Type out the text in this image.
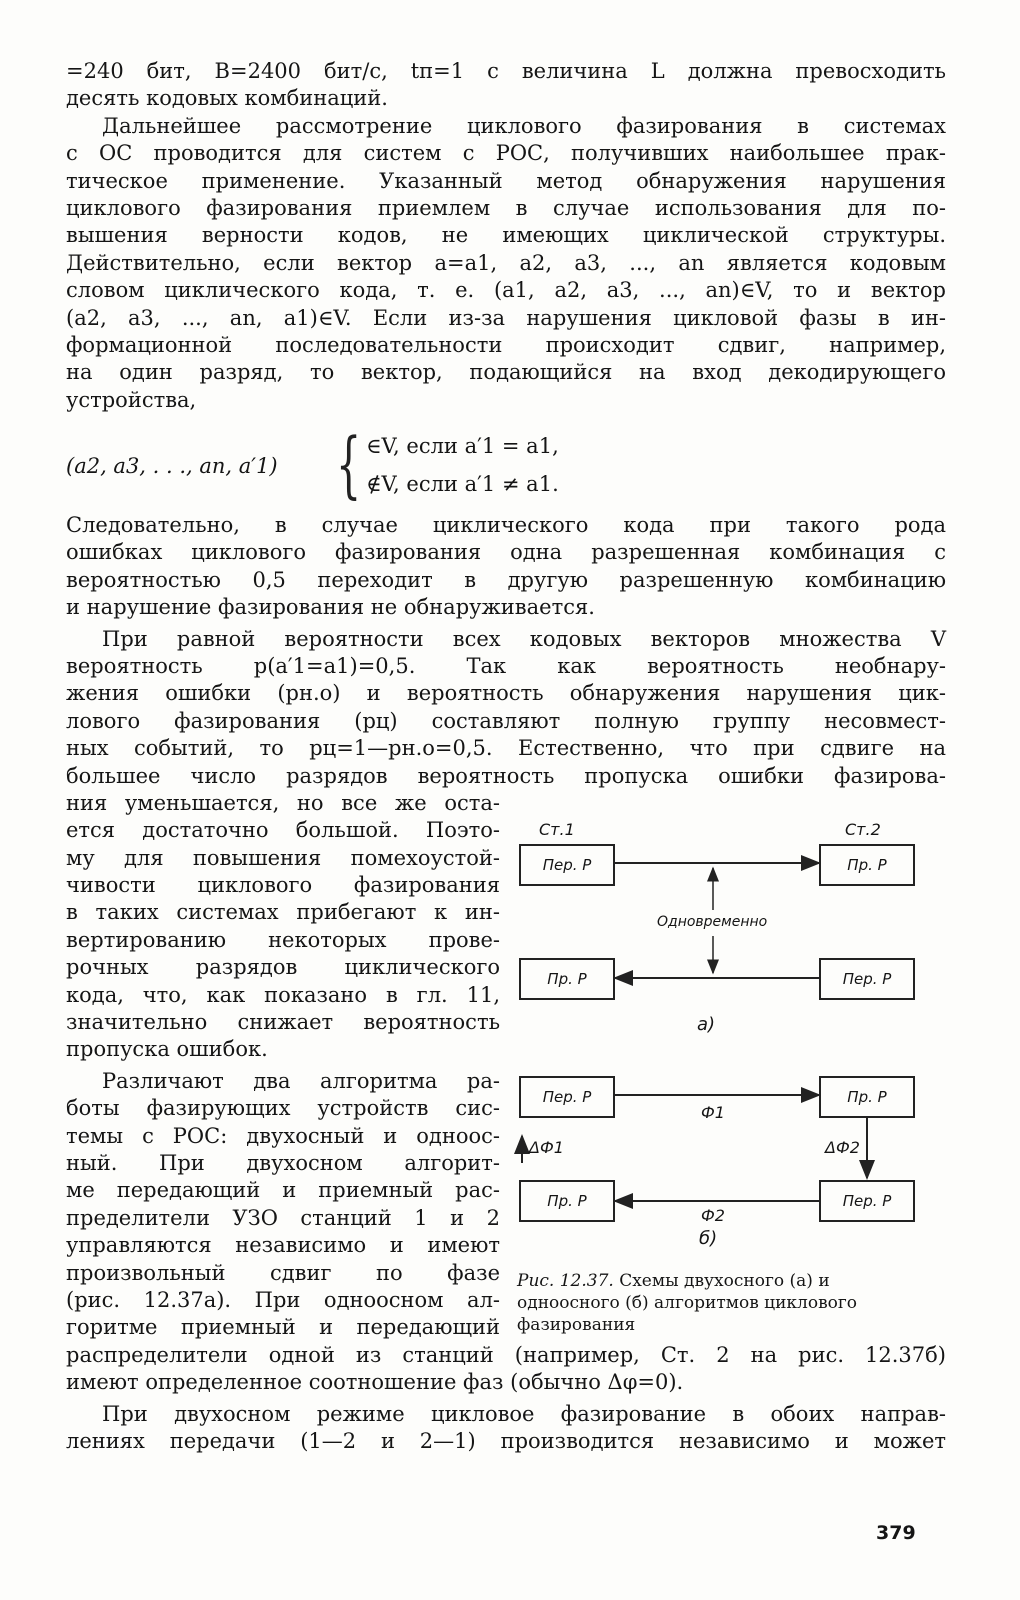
=240 бит, B=2400 бит/с, tп=1 с величина L должна превосходить
десять кодовых комбинаций.
Дальнейшее рассмотрение циклового фазирования в системах
с ОС проводится для систем с РОС, получивших наибольшее прак-
тическое применение. Указанный метод обнаружения нарушения
циклового фазирования приемлем в случае использования для по-
вышения верности кодов, не имеющих циклической структуры.
Действительно, если вектор a=a1, a2, a3, ..., an является кодовым
словом циклического кода, т. е. (a1, a2, a3, ..., an)∈V, то и вектор
(a2, a3, ..., an, a1)∈V. Если из-за нарушения цикловой фазы в ин-
формационной последовательности происходит сдвиг, например,
на один разряд, то вектор, подающийся на вход декодирующего
устройства,
(a2, a3, . . ., an, a′1) { ∈V, если a′1 = a1,
∉V, если a′1 ≠ a1.
Следовательно, в случае циклического кода при такого рода
ошибках циклового фазирования одна разрешенная комбинация с
вероятностью 0,5 переходит в другую разрешенную комбинацию
и нарушение фазирования не обнаруживается.
При равной вероятности всех кодовых векторов множества V
вероятность p(a′1=a1)=0,5. Так как вероятность необнару-
жения ошибки (pн.о) и вероятность обнаружения нарушения цик-
лового фазирования (pц) составляют полную группу несовмест-
ных событий, то pц=1—pн.о=0,5. Естественно, что при сдвиге на
большее число разрядов вероятность пропуска ошибки фазирова-
ния уменьшается, но все же оста-
ется достаточно большой. Поэто-
му для повышения помехоустой-
чивости циклового фазирования
в таких системах прибегают к ин-
вертированию некоторых прове-
рочных разрядов циклического
кода, что, как показано в гл. 11,
значительно снижает вероятность
пропуска ошибок.
Различают два алгоритма ра-
боты фазирующих устройств сис-
темы с РОС: двухосный и одноос-
ный. При двухосном алгорит-
ме передающий и приемный рас-
пределители УЗО станций 1 и 2
управляются независимо и имеют
произвольный сдвиг по фазе
(рис. 12.37а). При одноосном ал-
горитме приемный и передающий
распределители одной из станций (например, Ст. 2 на рис. 12.37б)
имеют определенное соотношение фаз (обычно Δφ=0).
При двухосном режиме цикловое фазирование в обоих направ-
лениях передачи (1—2 и 2—1) производится независимо и может
Ст.1	Ст.2
Пер. Р	Пр. Р
Пр. Р	Пер. Р
Одновременно
а)
Пер. Р	Пр. Р
Пр. Р	Пер. Р
Ф1
Ф2
ΔФ1	ΔФ2
б)
Рис. 12.37. Схемы двухосного (а) и одноосного (б) алгоритмов циклового фазирования
379
